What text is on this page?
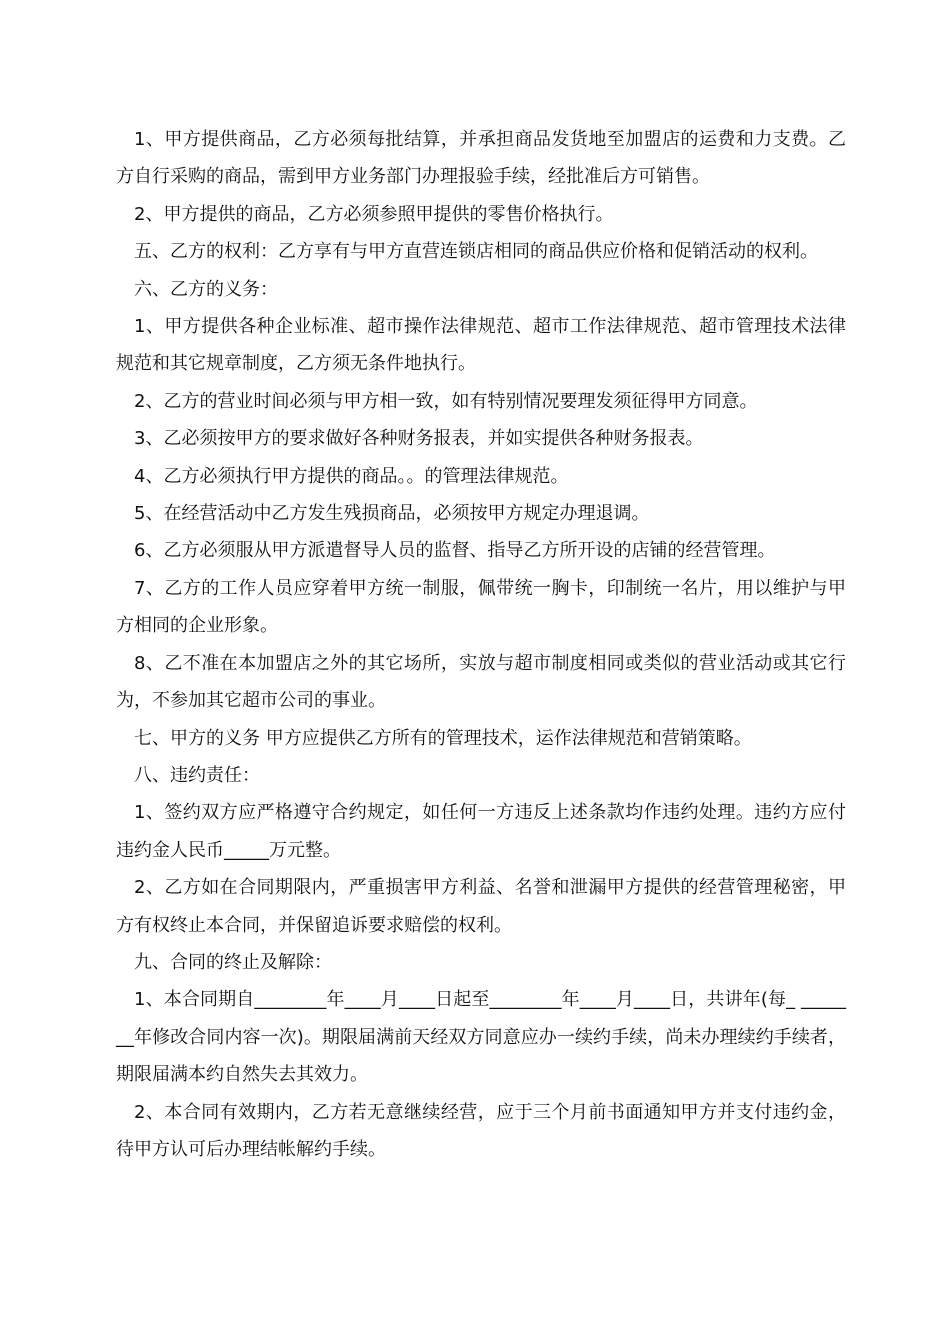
1、甲方提供商品，乙方必须每批结算，并承担商品发货地至加盟店的运费和力支费。乙方自行采购的商品，需到甲方业务部门办理报验手续，经批准后方可销售。

2、甲方提供的商品，乙方必须参照甲提供的零售价格执行。

五、乙方的权利：乙方享有与甲方直营连锁店相同的商品供应价格和促销活动的权利。

六、乙方的义务：

1、甲方提供各种企业标准、超市操作法律规范、超市工作法律规范、超市管理技术法律规范和其它规章制度，乙方须无条件地执行。

2、乙方的营业时间必须与甲方相一致，如有特别情况要理发须征得甲方同意。

3、乙必须按甲方的要求做好各种财务报表，并如实提供各种财务报表。

4、乙方必须执行甲方提供的商品。。的管理法律规范。

5、在经营活动中乙方发生残损商品，必须按甲方规定办理退调。

6、乙方必须服从甲方派遣督导人员的监督、指导乙方所开设的店铺的经营管理。

7、乙方的工作人员应穿着甲方统一制服，佩带统一胸卡，印制统一名片，用以维护与甲方相同的企业形象。

8、乙不准在本加盟店之外的其它场所，实放与超市制度相同或类似的营业活动或其它行为，不参加其它超市公司的事业。

七、甲方的义务 甲方应提供乙方所有的管理技术，运作法律规范和营销策略。

八、违约责任：

1、签约双方应严格遵守合约规定，如任何一方违反上述条款均作违约处理。违约方应付违约金人民币_____万元整。

2、乙方如在合同期限内，严重损害甲方利益、名誉和泄漏甲方提供的经营管理秘密，甲方有权终止本合同，并保留追诉要求赔偿的权利。

九、合同的终止及解除：

1、本合同期自________年____月____日起至________年____月____日，共讲年(每_ _______年修改合同内容一次)。期限届满前天经双方同意应办一续约手续，尚未办理续约手续者，期限届满本约自然失去其效力。

2、本合同有效期内，乙方若无意继续经营，应于三个月前书面通知甲方并支付违约金，待甲方认可后办理结帐解约手续。
